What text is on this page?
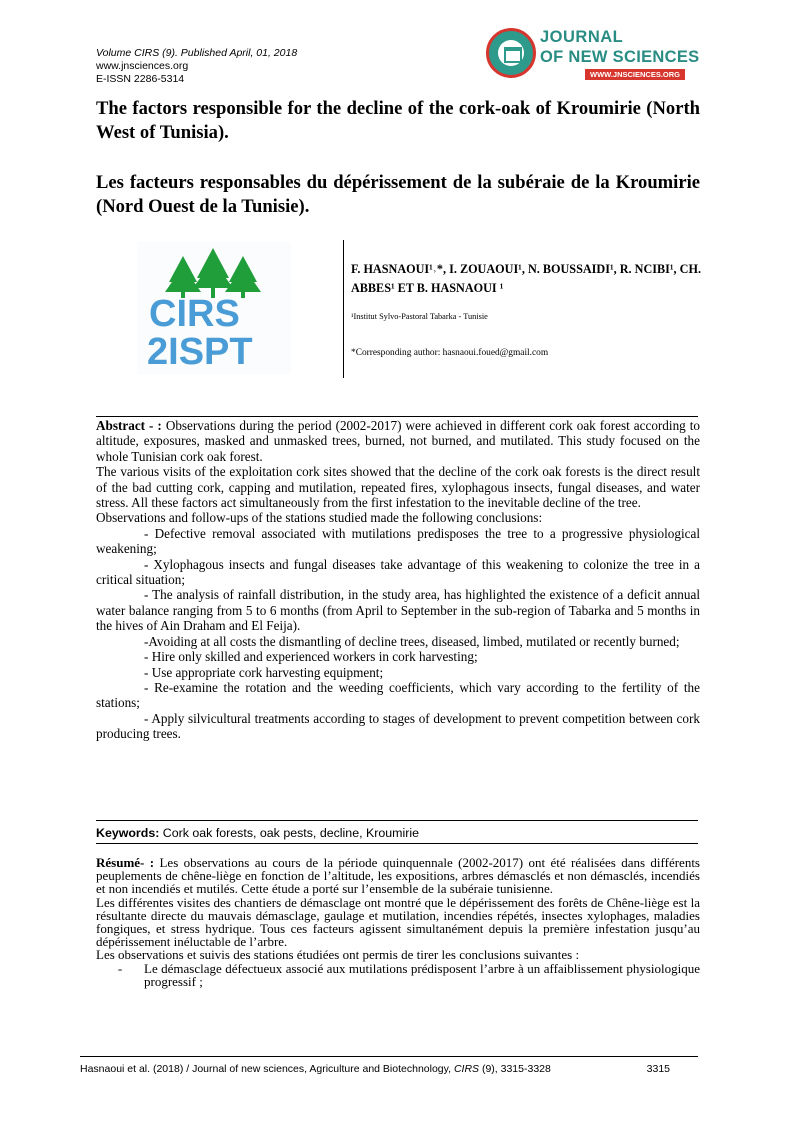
Volume CIRS (9). Published April, 01, 2018
www.jnsciences.org
E-ISSN 2286-5314
JOURNAL
OF NEW SCIENCES
WWW.JNSCIENCES.ORG
The factors responsible for the decline of the cork-oak of Kroumirie (North West of Tunisia).
Les facteurs responsables du dépérissement de la subéraie de la Kroumirie (Nord Ouest de la Tunisie).
CIRS
2ISPT
F. HASNAOUI¹˒*, I. ZOUAOUI¹, N. BOUSSAIDI¹, R. NCIBI¹, CH. ABBES¹ ET B. HASNAOUI ¹
¹Institut Sylvo-Pastoral Tabarka - Tunisie
*Corresponding author: hasnaoui.foued@gmail.com

Abstract - : Observations during the period (2002-2017) were achieved in different cork oak forest according to altitude, exposures, masked and unmasked trees, burned, not burned, and mutilated. This study focused on the whole Tunisian cork oak forest.

The various visits of the exploitation cork sites showed that the decline of the cork oak forests is the direct result of the bad cutting cork, capping and mutilation, repeated fires, xylophagous insects, fungal diseases, and water stress. All these factors act simultaneously from the first infestation to the inevitable decline of the tree.

Observations and follow-ups of the stations studied made the following conclusions:

- Defective removal associated with mutilations predisposes the tree to a progressive physiological weakening;

- Xylophagous insects and fungal diseases take advantage of this weakening to colonize the tree in a critical situation;

- The analysis of rainfall distribution, in the study area, has highlighted the existence of a deficit annual water balance ranging from 5 to 6 months (from April to September in the sub-region of Tabarka and 5 months in the hives of Ain Draham and El Feija).

-Avoiding at all costs the dismantling of decline trees, diseased, limbed, mutilated or recently burned;

- Hire only skilled and experienced workers in cork harvesting;

- Use appropriate cork harvesting equipment;

- Re-examine the rotation and the weeding coefficients, which vary according to the fertility of the stations;

- Apply silvicultural treatments according to stages of development to prevent competition between cork producing trees.

Keywords: Cork oak forests, oak pests, decline, Kroumirie

Résumé- : Les observations au cours de la période quinquennale (2002-2017) ont été réalisées dans différents peuplements de chêne-liège en fonction de l’altitude, les expositions, arbres démasclés et non démasclés, incendiés et non incendiés et mutilés. Cette étude a porté sur l’ensemble de la subéraie tunisienne.

Les différentes visites des chantiers de démasclage ont montré que le dépérissement des forêts de Chêne-liège est la résultante directe du mauvais démasclage, gaulage et mutilation, incendies répétés, insectes xylophages, maladies fongiques, et stress hydrique. Tous ces facteurs agissent simultanément depuis la première infestation jusqu’au dépérissement inéluctable de l’arbre.

Les observations et suivis des stations étudiées ont permis de tirer les conclusions suivantes :

-	Le démasclage défectueux associé aux mutilations prédisposent l’arbre à un affaiblissement physiologique progressif ;
Hasnaoui et al. (2018) / Journal of new sciences, Agriculture and Biotechnology, CIRS (9), 3315-3328	3315
